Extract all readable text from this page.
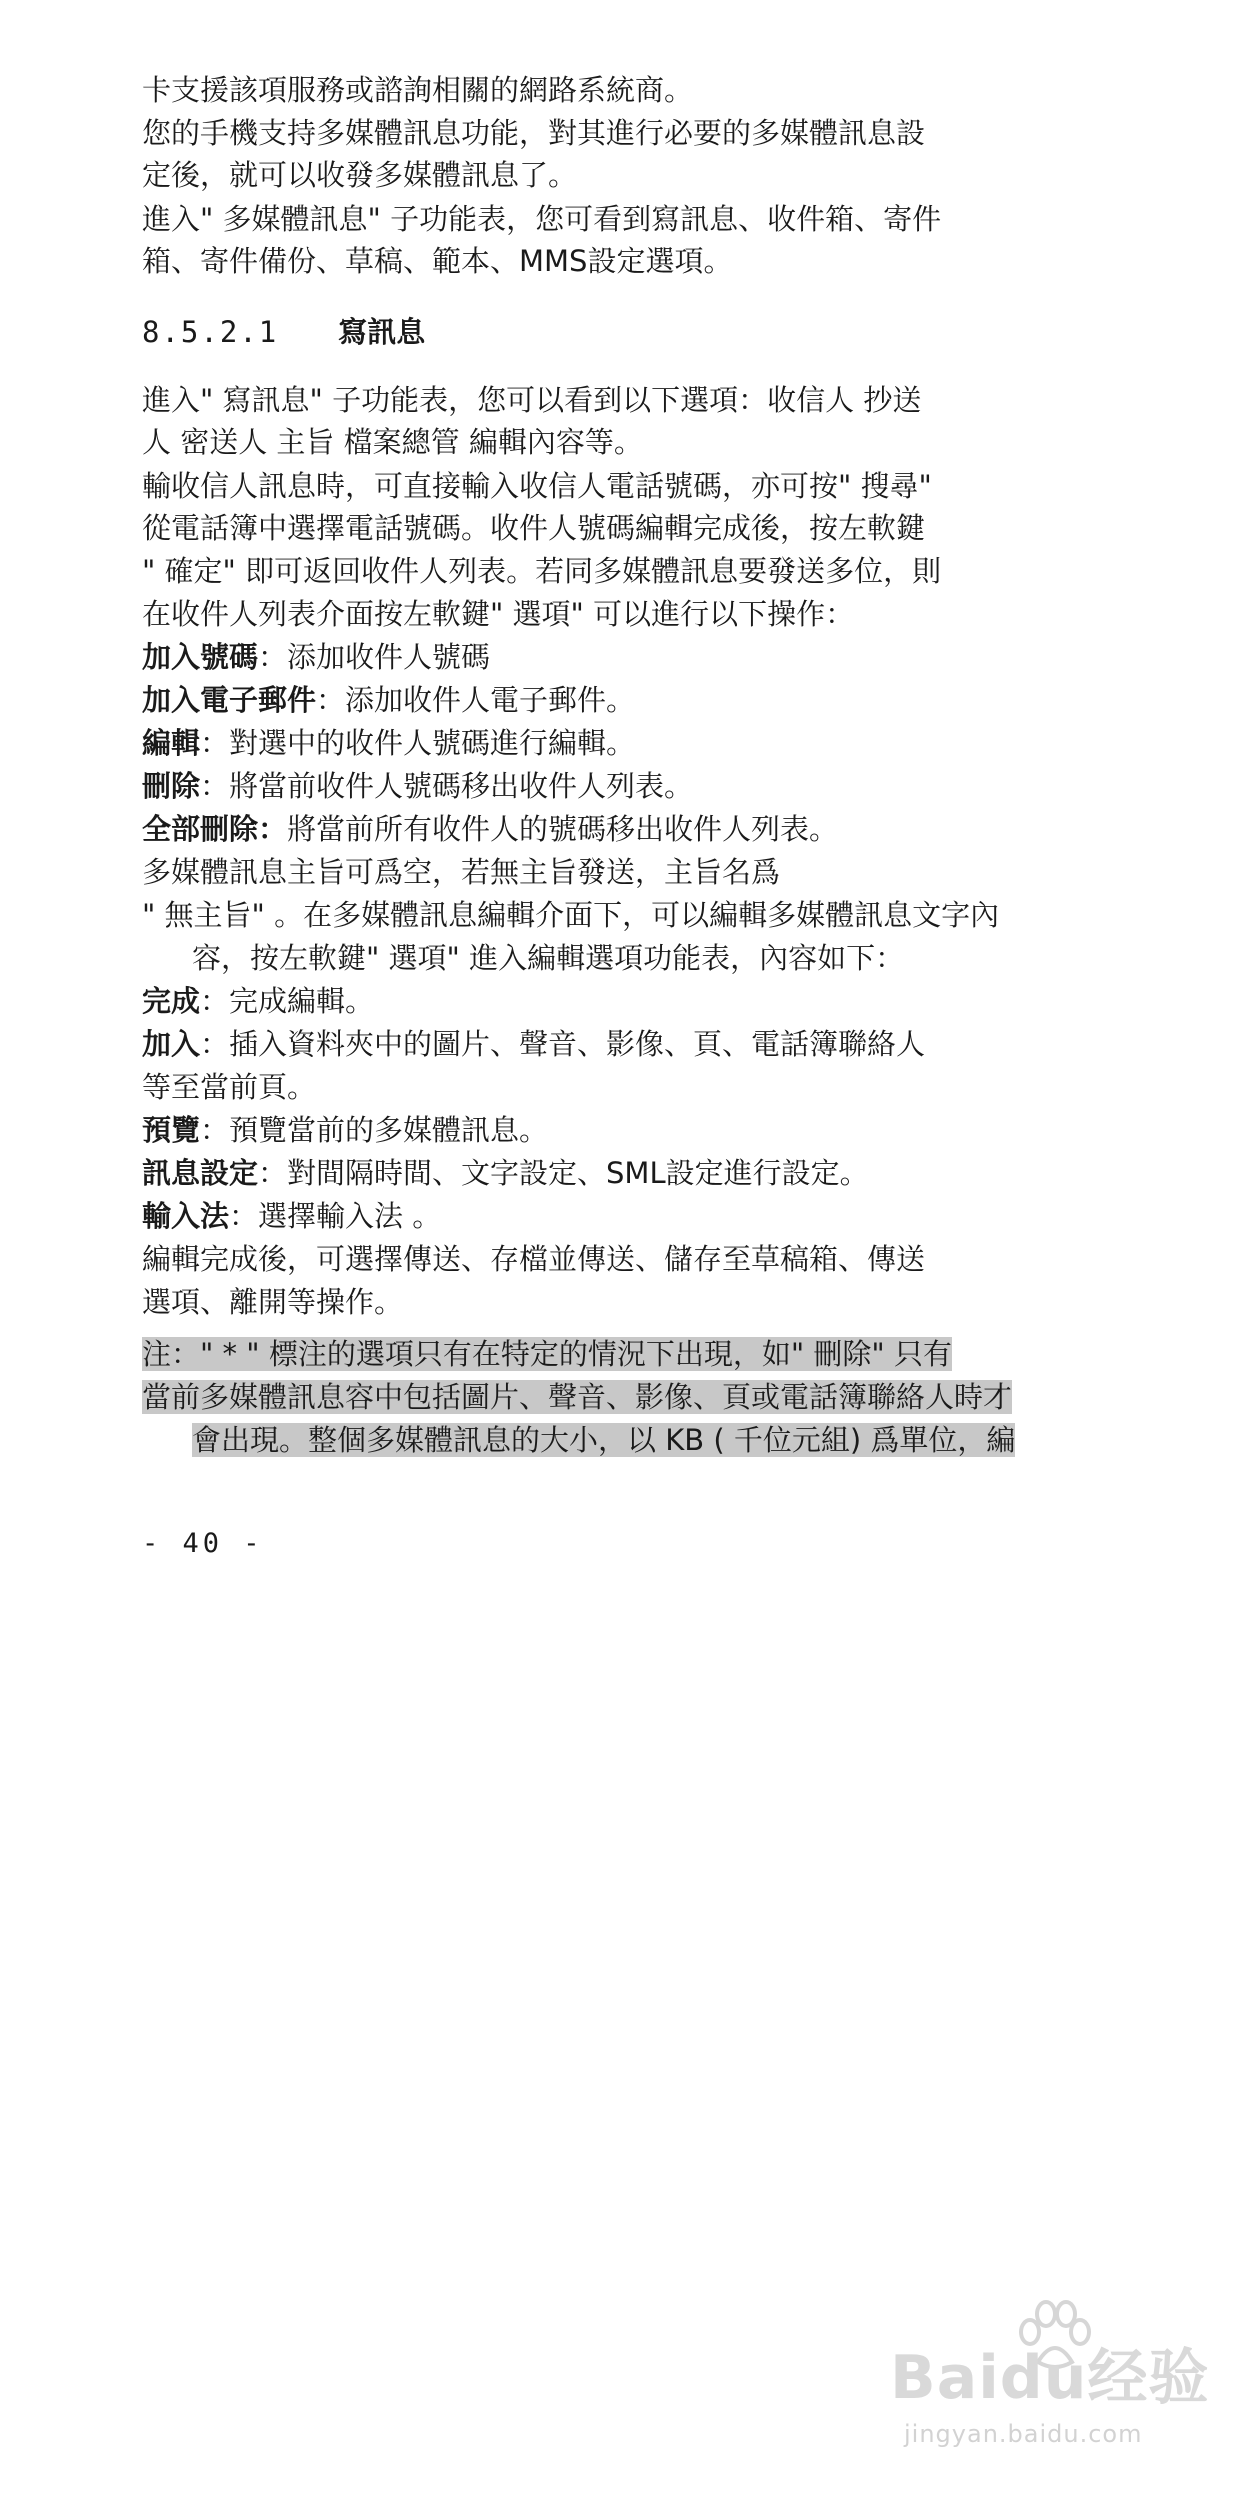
卡支援該項服務或諮詢相關的網路系統商。

您的手機支持多媒體訊息功能，對其進行必要的多媒體訊息設

定後，就可以收發多媒體訊息了。

進入" 多媒體訊息" 子功能表，您可看到寫訊息、收件箱、寄件

箱、寄件備份、草稿、範本、MMS設定選項。

8.5.2.1 寫訊息

進入" 寫訊息" 子功能表，您可以看到以下選項：收信人 抄送

人 密送人 主旨 檔案總管 編輯內容等。

輸收信人訊息時，可直接輸入收信人電話號碼，亦可按" 搜尋"

從電話簿中選擇電話號碼。收件人號碼編輯完成後，按左軟鍵

" 確定" 即可返回收件人列表。若同多媒體訊息要發送多位，則

在收件人列表介面按左軟鍵" 選項" 可以進行以下操作：

加入號碼：添加收件人號碼

加入電子郵件：添加收件人電子郵件。

編輯：對選中的收件人號碼進行編輯。

刪除：將當前收件人號碼移出收件人列表。

全部刪除：將當前所有收件人的號碼移出收件人列表。

多媒體訊息主旨可爲空，若無主旨發送，主旨名爲

" 無主旨" 。在多媒體訊息編輯介面下，可以編輯多媒體訊息文字內

容，按左軟鍵" 選項" 進入編輯選項功能表，內容如下：

完成：完成編輯。

加入：插入資料夾中的圖片、聲音、影像、頁、電話簿聯絡人

等至當前頁。

預覽：預覽當前的多媒體訊息。

訊息設定：對間隔時間、文字設定、SML設定進行設定。

輸入法：選擇輸入法 。

編輯完成後，可選擇傳送、存檔並傳送、儲存至草稿箱、傳送

選項、離開等操作。

注：" * " 標注的選項只有在特定的情況下出現，如" 刪除" 只有

當前多媒體訊息容中包括圖片、聲音、影像、頁或電話簿聯絡人時才

會出現。整個多媒體訊息的大小，以 KB ( 千位元組) 爲單位，編

- 40 -
Baidu经验
jingyan.baidu.com
